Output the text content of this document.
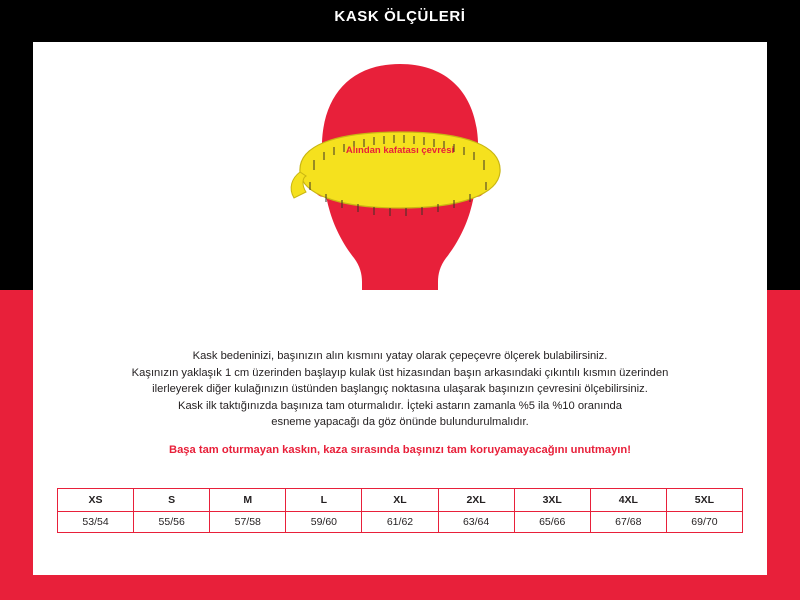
KASK ÖLÇÜLERİ
Alından kafatası çevresi
Kask bedeninizi, başınızın alın kısmını yatay olarak çepeçevre ölçerek bulabilirsiniz.
Kaşınızın yaklaşık 1 cm üzerinden başlayıp kulak üst hizasından başın arkasındaki çıkıntılı kısmın üzerinden
ilerleyerek diğer kulağınızın üstünden başlangıç noktasına ulaşarak başınızın çevresini ölçebilirsiniz.
Kask ilk taktığınızda başınıza tam oturmalıdır. İçteki astarın zamanla %5 ila %10 oranında
esneme yapacağı da göz önünde bulundurulmalıdır.
Başa tam oturmayan kaskın, kaza sırasında başınızı tam koruyamayacağını unutmayın!
XS	S	M	L	XL	2XL	3XL	4XL	5XL
53/54	55/56	57/58	59/60	61/62	63/64	65/66	67/68	69/70
